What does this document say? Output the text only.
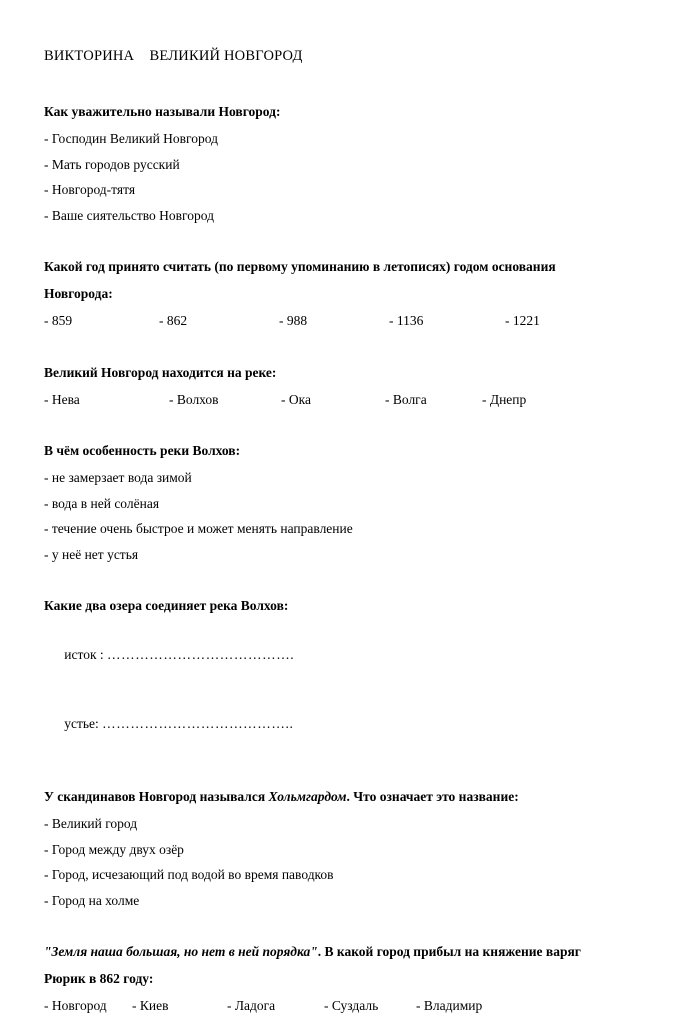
ВИКТОРИНА    ВЕЛИКИЙ НОВГОРОД

Как уважительно называли Новгород:

- Господин Великий Новгород
- Мать городов русский
- Новгород-тятя
- Ваше сиятельство Новгород

Какой год принято считать (по первому упоминанию в летописях) годом основания

Новгорода:

- 859	- 862	- 988	- 1136	- 1221

Великий Новгород находится на реке:

- Нева	- Волхов	- Ока	- Волга	- Днепр

В чём особенность реки Волхов:

- не замерзает вода зимой
- вода в ней солёная
- течение очень быстрое и может менять направление
- у неё нет устья

Какие два озера соединяет река Волхов:

исток : ………………………………….

устье: …………………………………..

У скандинавов Новгород назывался Хольмгардом. Что означает это название:

- Великий город
- Город между двух озёр
- Город, исчезающий под водой во время паводков
- Город на холме

"Земля наша большая, но нет в ней порядка". В какой город прибыл на княжение варяг

Рюрик в 862 году:

- Новгород	- Киев	- Ладога	- Суздаль	- Владимир
